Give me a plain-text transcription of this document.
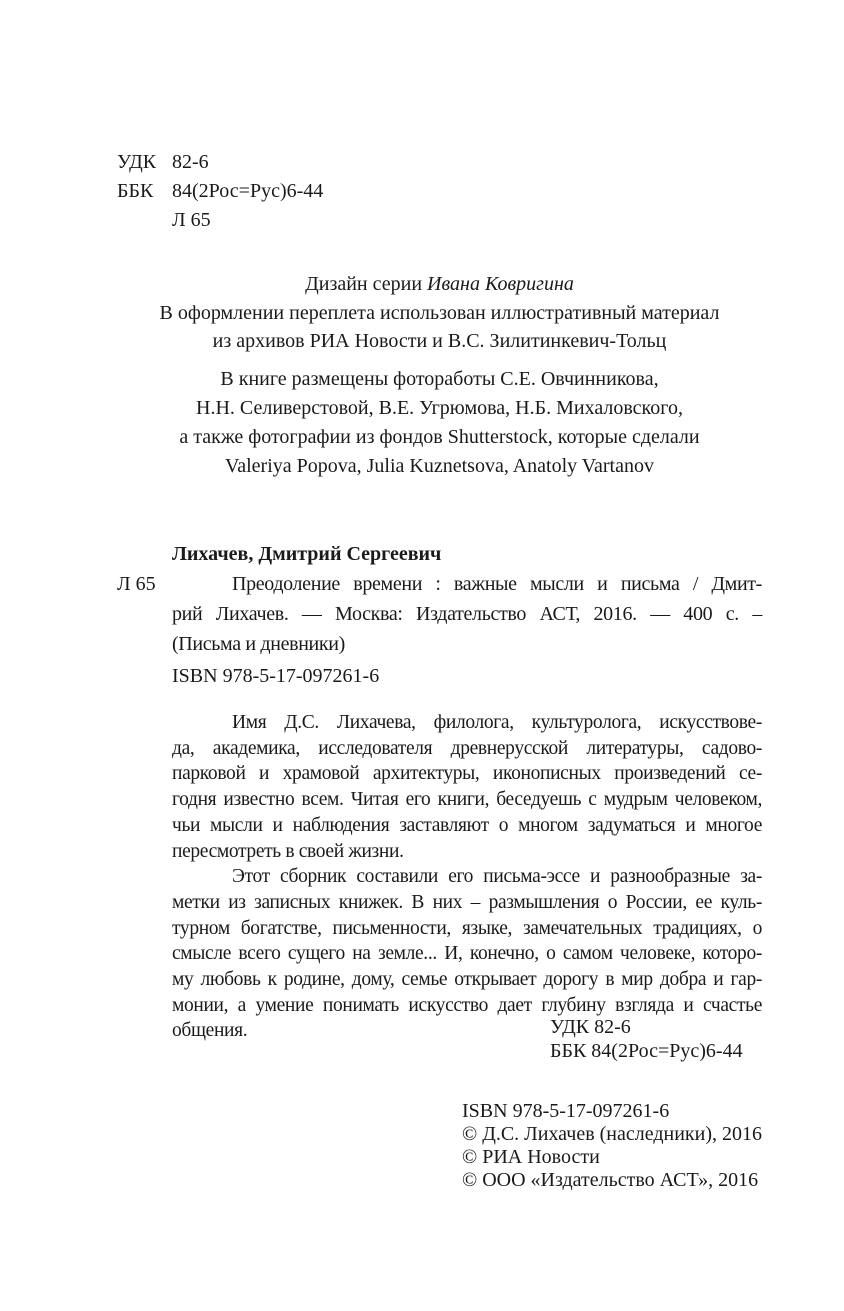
УДК 82-6
ББК 84(2Рос=Рус)6-44
Л 65
Дизайн серии Ивана Ковригина
В оформлении переплета использован иллюстративный материал
из архивов РИА Новости и В.С. Зилитинкевич-Тольц
В книге размещены фотоработы С.Е. Овчинникова,
Н.Н. Селиверстовой, В.Е. Угрюмова, Н.Б. Михаловского,
а также фотографии из фондов Shutterstock, которые сделали
Valeriya Popova, Julia Kuznetsova, Anatoly Vartanov
Лихачев, Дмитрий Сергеевич
Л 65	Преодоление времени : важные мысли и письма / Дмит-
рий Лихачев. — Москва: Издательство АСТ, 2016. — 400 с. –
(Письма и дневники)
ISBN 978-5-17-097261-6
Имя Д.С. Лихачева, филолога, культуролога, искусствове-
да, академика, исследователя древнерусской литературы, садово-
парковой и храмовой архитектуры, иконописных произведений се-
годня известно всем. Читая его книги, беседуешь с мудрым человеком,
чьи мысли и наблюдения заставляют о многом задуматься и многое
пересмотреть в своей жизни.
Этот сборник составили его письма-эссе и разнообразные за-
метки из записных книжек. В них – размышления о России, ее куль-
турном богатстве, письменности, языке, замечательных традициях, о
смысле всего сущего на земле... И, конечно, о самом человеке, которо-
му любовь к родине, дому, семье открывает дорогу в мир добра и гар-
монии, а умение понимать искусство дает глубину взгляда и счастье
общения.	УДК 82-6
ББК 84(2Рос=Рус)6-44
ISBN 978-5-17-097261-6
© Д.С. Лихачев (наследники), 2016
© РИА Новости
© ООО «Издательство АСТ», 2016
